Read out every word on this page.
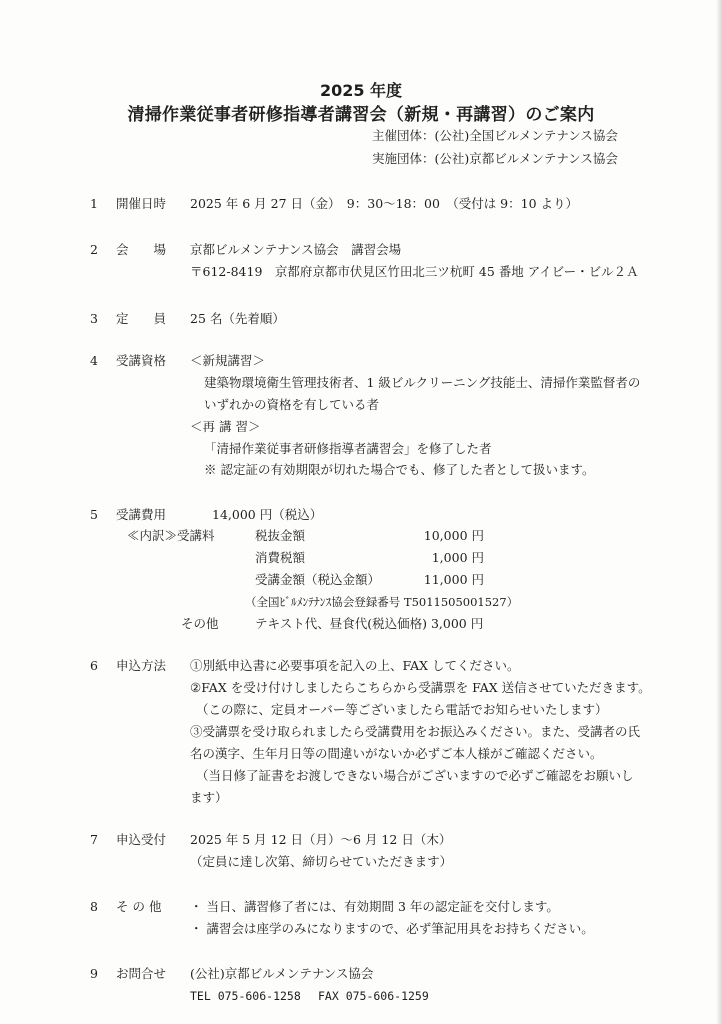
2025 年度
清掃作業従事者研修指導者講習会（新規・再講習）のご案内
主催団体：(公社)全国ビルメンテナンス協会
実施団体：(公社)京都ビルメンテナンス協会
1 開催日時 2025 年 6 月 27 日（金）　9：30〜18：00　（受付は 9：10 より）
2 会　　場 京都ビルメンテナンス協会　講習会場
〒612-8419　京都府京都市伏見区竹田北三ツ杭町 45 番地 アイビー・ビル２Ａ
3 定　　員 25 名（先着順）
4 受講資格 ＜新規講習＞
建築物環境衛生管理技術者、1 級ビルクリーニング技能士、清掃作業監督者の
いずれかの資格を有している者
＜再 講 習＞
「清掃作業従事者研修指導者講習会」を修了した者
※ 認定証の有効期限が切れた場合でも、修了した者として扱います。
5 受講費用	14,000 円（税込）
≪内訳≫受講料	税抜金額	10,000 円
消費税額	1,000 円
受講金額（税込金額）	11,000 円
（全国ﾋﾞﾙﾒﾝﾃﾅﾝｽ協会登録番号 T5011505001527）
その他	テキスト代、昼食代(税込価格) 3,000 円
6 申込方法 ①別紙申込書に必要事項を記入の上、FAX してください。
②FAX を受け付けしましたらこちらから受講票を FAX 送信させていただきます。
（この際に、定員オーバー等ございましたら電話でお知らせいたします）
③受講票を受け取られましたら受講費用をお振込みください。また、受講者の氏
名の漢字、生年月日等の間違いがないか必ずご本人様がご確認ください。
（当日修了証書をお渡しできない場合がございますので必ずご確認をお願いし
ます）
7 申込受付 2025 年 5 月 12 日（月）〜6 月 12 日（木）
（定員に達し次第、締切らせていただきます）
8 そ の 他 ・ 当日、講習修了者には、有効期間 3 年の認定証を交付します。
・ 講習会は座学のみになりますので、必ず筆記用具をお持ちください。
9 お問合せ (公社)京都ビルメンテナンス協会
TEL 075-606-1258 FAX 075-606-1259
